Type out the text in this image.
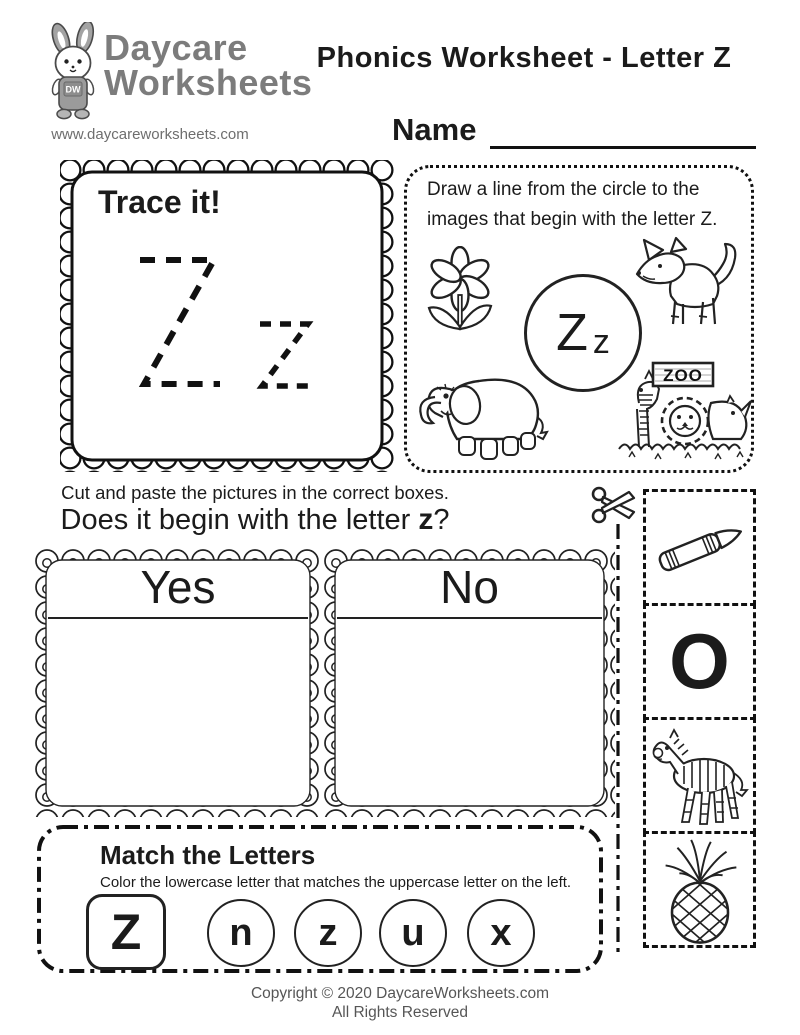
DW
Daycare
Worksheets
www.daycareworksheets.com
Phonics Worksheet - Letter Z
Name
Trace it!	Draw a line from the circle to the
images that begin with the letter Z.
Z z
ZOO
Cut and paste the pictures in the correct boxes.
Does it begin with the letter z?
Yes	No
O
Match the Letters
Color the lowercase letter that matches the uppercase letter on the left.
Z	n	z	u	x
Copyright © 2020 DaycareWorksheets.com
All Rights Reserved
